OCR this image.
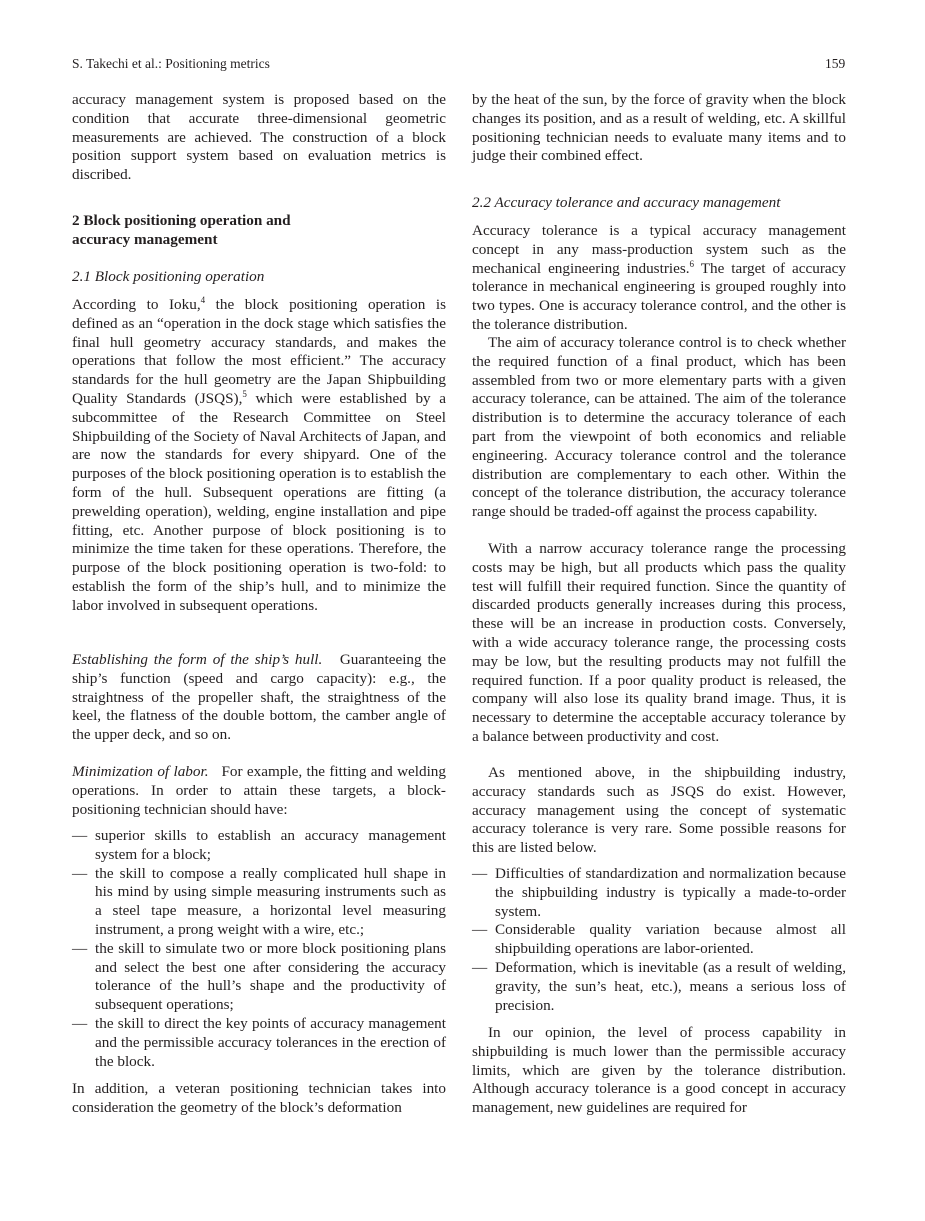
S. Takechi et al.: Positioning metrics	159

accuracy management system is proposed based on the condition that accurate three-dimensional geometric measurements are achieved. The construction of a block position support system based on evaluation metrics is discribed.

2 Block positioning operation and
accuracy management
2.1 Block positioning operation

According to Ioku,$^4$ the block positioning operation is defined as an “operation in the dock stage which satisfies the final hull geometry accuracy standards, and makes the operations that follow the most efficient.” The accuracy standards for the hull geometry are the Japan Shipbuilding Quality Standards (JSQS),$^5$ which were established by a subcommittee of the Research Committee on Steel Shipbuilding of the Society of Naval Architects of Japan, and are now the standards for every shipyard. One of the purposes of the block positioning operation is to establish the form of the hull. Subsequent operations are fitting (a prewelding operation), welding, engine installation and pipe fitting, etc. Another purpose of block positioning is to minimize the time taken for these operations. Therefore, the purpose of the block positioning operation is two-fold: to establish the form of the ship’s hull, and to minimize the labor involved in subsequent operations.

Establishing the form of the ship’s hull. Guaranteeing the ship’s function (speed and cargo capacity): e.g., the straightness of the propeller shaft, the straightness of the keel, the flatness of the double bottom, the camber angle of the upper deck, and so on.

Minimization of labor. For example, the fitting and welding operations. In order to attain these targets, a block-positioning technician should have:

— superior skills to establish an accuracy management system for a block;
— the skill to compose a really complicated hull shape in his mind by using simple measuring instruments such as a steel tape measure, a horizontal level measuring instrument, a prong weight with a wire, etc.;
— the skill to simulate two or more block positioning plans and select the best one after considering the accuracy tolerance of the hull’s shape and the productivity of subsequent operations;
— the skill to direct the key points of accuracy management and the permissible accuracy tolerances in the erection of the block.

In addition, a veteran positioning technician takes into consideration the geometry of the block’s deformation

by the heat of the sun, by the force of gravity when the block changes its position, and as a result of welding, etc. A skillful positioning technician needs to evaluate many items and to judge their combined effect.

2.2 Accuracy tolerance and accuracy management

Accuracy tolerance is a typical accuracy management concept in any mass-production system such as the mechanical engineering industries.$^6$ The target of accuracy tolerance in mechanical engineering is grouped roughly into two types. One is accuracy tolerance control, and the other is the tolerance distribution.

The aim of accuracy tolerance control is to check whether the required function of a final product, which has been assembled from two or more elementary parts with a given accuracy tolerance, can be attained. The aim of the tolerance distribution is to determine the accuracy tolerance of each part from the viewpoint of both economics and reliable engineering. Accuracy tolerance control and the tolerance distribution are complementary to each other. Within the concept of the tolerance distribution, the accuracy tolerance range should be traded-off against the process capability.

With a narrow accuracy tolerance range the processing costs may be high, but all products which pass the quality test will fulfill their required function. Since the quantity of discarded products generally increases during this process, these will be an increase in production costs. Conversely, with a wide accuracy tolerance range, the processing costs may be low, but the resulting products may not fulfill the required function. If a poor quality product is released, the company will also lose its quality brand image. Thus, it is necessary to determine the acceptable accuracy tolerance by a balance between productivity and cost.

As mentioned above, in the shipbuilding industry, accuracy standards such as JSQS do exist. However, accuracy management using the concept of systematic accuracy tolerance is very rare. Some possible reasons for this are listed below.

— Difficulties of standardization and normalization because the shipbuilding industry is typically a made-to-order system.
— Considerable quality variation because almost all shipbuilding operations are labor-oriented.
— Deformation, which is inevitable (as a result of welding, gravity, the sun’s heat, etc.), means a serious loss of precision.

In our opinion, the level of process capability in shipbuilding is much lower than the permissible accuracy limits, which are given by the tolerance distribution. Although accuracy tolerance is a good concept in accuracy management, new guidelines are required for
